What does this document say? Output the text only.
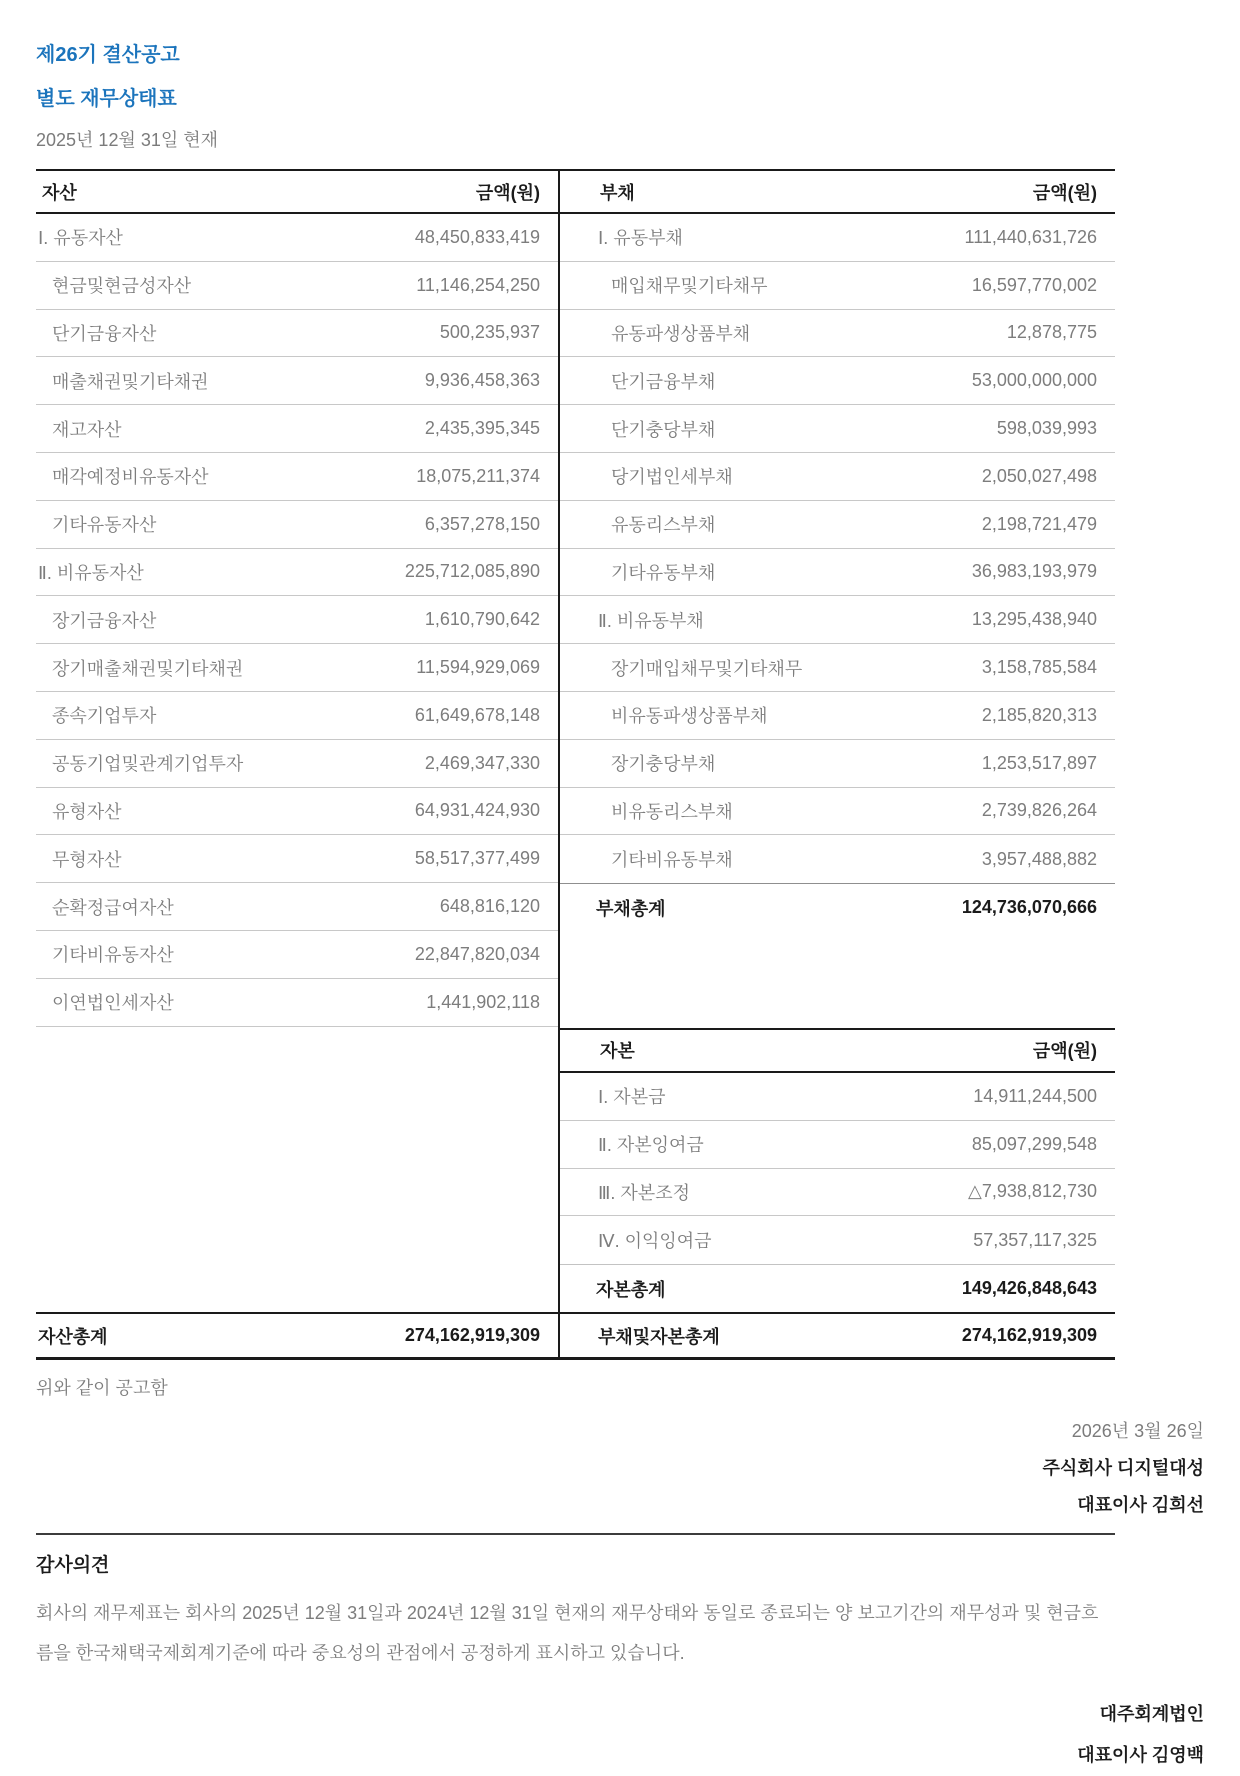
제26기 결산공고
별도 재무상태표
2025년 12월 31일 현재
자산	금액(원)
Ⅰ. 유동자산	48,450,833,419
현금및현금성자산	11,146,254,250
단기금융자산	500,235,937
매출채권및기타채권	9,936,458,363
재고자산	2,435,395,345
매각예정비유동자산	18,075,211,374
기타유동자산	6,357,278,150
Ⅱ. 비유동자산	225,712,085,890
장기금융자산	1,610,790,642
장기매출채권및기타채권	11,594,929,069
종속기업투자	61,649,678,148
공동기업및관계기업투자	2,469,347,330
유형자산	64,931,424,930
무형자산	58,517,377,499
순확정급여자산	648,816,120
기타비유동자산	22,847,820,034
이연법인세자산	1,441,902,118
부채	금액(원)
Ⅰ. 유동부채	111,440,631,726
매입채무및기타채무	16,597,770,002
유동파생상품부채	12,878,775
단기금융부채	53,000,000,000
단기충당부채	598,039,993
당기법인세부채	2,050,027,498
유동리스부채	2,198,721,479
기타유동부채	36,983,193,979
Ⅱ. 비유동부채	13,295,438,940
장기매입채무및기타채무	3,158,785,584
비유동파생상품부채	2,185,820,313
장기충당부채	1,253,517,897
비유동리스부채	2,739,826,264
기타비유동부채	3,957,488,882
부채총계	124,736,070,666
자본	금액(원)
Ⅰ. 자본금	14,911,244,500
Ⅱ. 자본잉여금	85,097,299,548
Ⅲ. 자본조정	△7,938,812,730
Ⅳ. 이익잉여금	57,357,117,325
자본총계	149,426,848,643
자산총계	274,162,919,309	부채및자본총계	274,162,919,309
위와 같이 공고함
2026년 3월 26일
주식회사 디지털대성
대표이사 김희선
감사의견
회사의 재무제표는 회사의 2025년 12월 31일과 2024년 12월 31일 현재의 재무상태와 동일로 종료되는 양 보고기간의 재무성과 및 현금흐름을 한국채택국제회계기준에 따라 중요성의 관점에서 공정하게 표시하고 있습니다.
대주회계법인
대표이사 김영백
